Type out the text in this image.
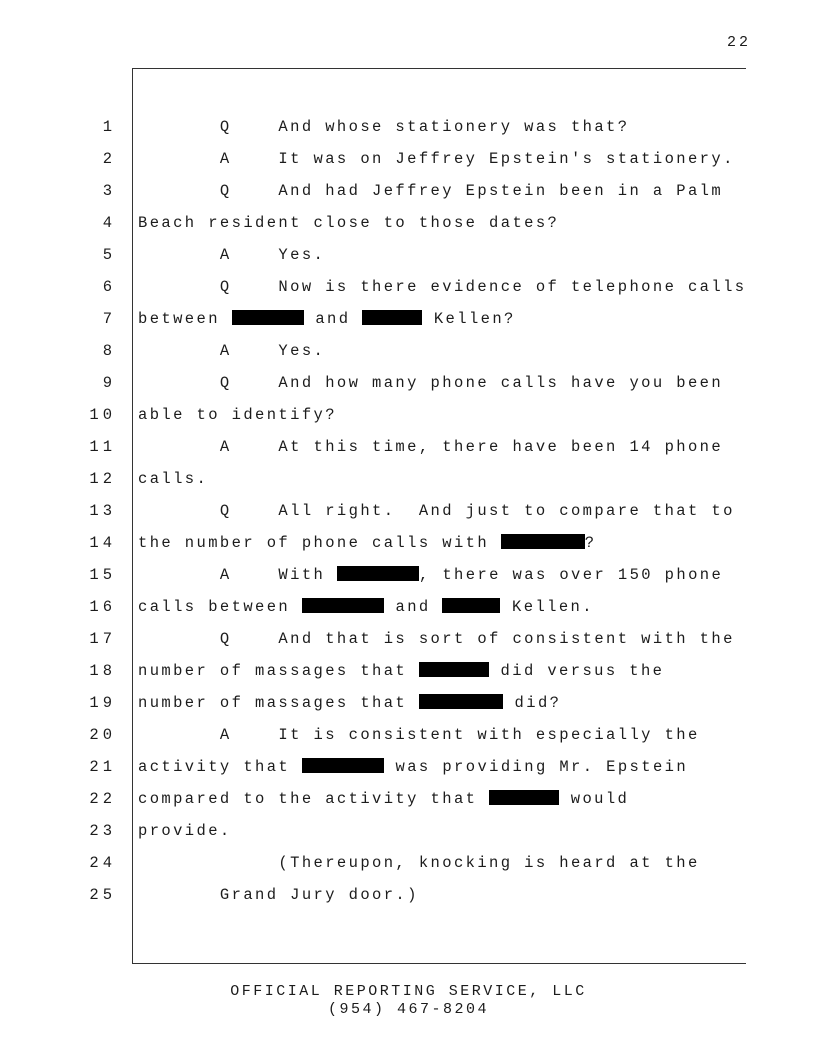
22
1 Q    And whose stationery was that?
2 A    It was on Jeffrey Epstein's stationery.
3 Q    And had Jeffrey Epstein been in a Palm
4 Beach resident close to those dates?
5 A    Yes.
6 Q    Now is there evidence of telephone calls
7 between	and	Kellen?
8 A    Yes.
9 Q    And how many phone calls have you been
10 able to identify?
11 A    At this time, there have been 14 phone
12 calls.
13 Q    All right.  And just to compare that to
14 the number of phone calls with	?
15 A    With	, there was over 150 phone
16 calls between	and	Kellen.
17 Q    And that is sort of consistent with the
18 number of massages that	did versus the
19 number of massages that	did?
20 A    It is consistent with especially the
21 activity that	was providing Mr. Epstein
22 compared to the activity that	would
23 provide.
24 (Thereupon, knocking is heard at the
25 Grand Jury door.)
OFFICIAL REPORTING SERVICE, LLC
(954) 467-8204
